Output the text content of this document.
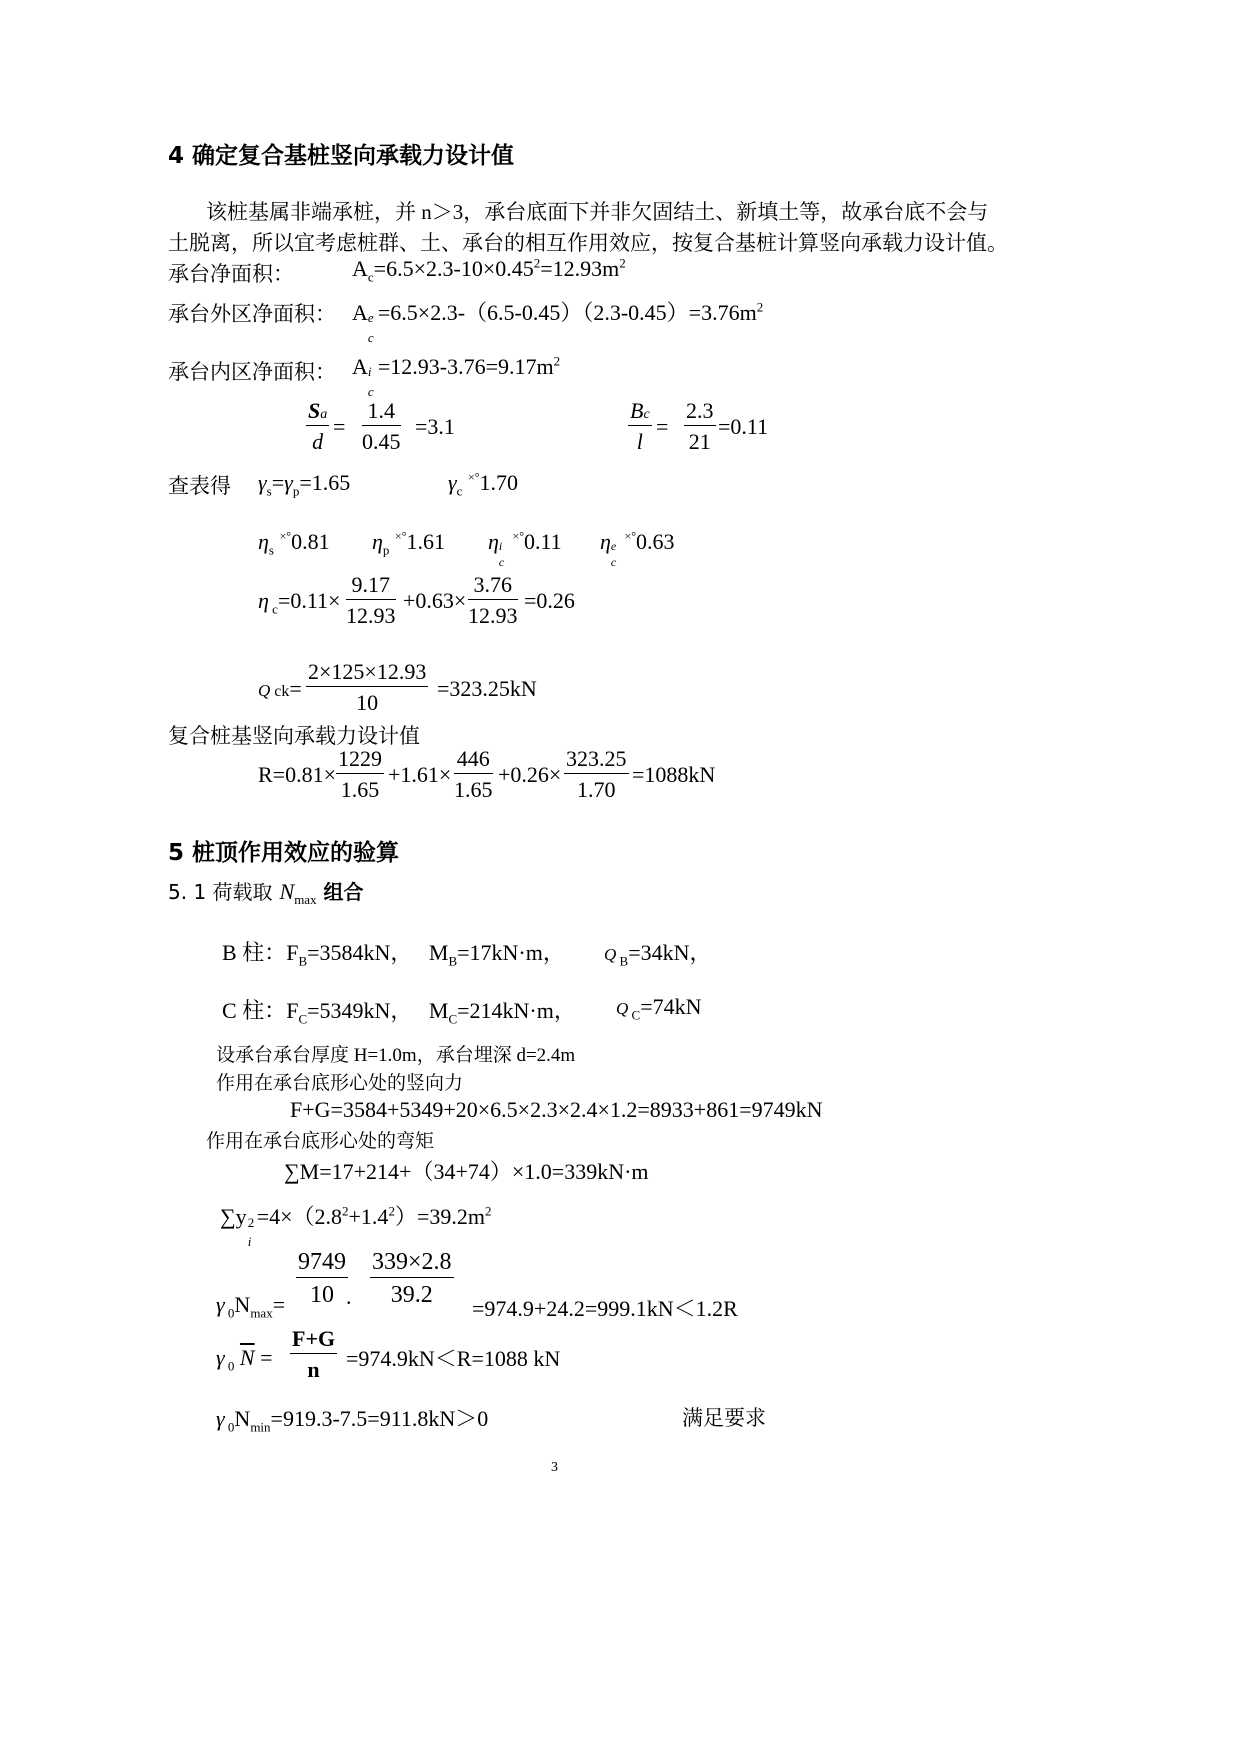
4 确定复合基桩竖向承载力设计值
该桩基属非端承桩，并 n＞3，承台底面下并非欠固结土、新填土等，故承台底不会与
土脱离，所以宜考虑桩群、土、承台的相互作用效应，按复合基桩计算竖向承载力设计值。
承台净面积：	$A_c=6.5\times 2.3-10\times 0.45^2=12.93m^2$
承台外区净面积： A e
c
$=6.5\times 2.3-(6.5-0.45)(2.3-0.45)=3.76m^2$
承台内区净面积： A i
c
$=12.93-3.76=9.17m^2$
$\frac{Sa}{d} = \frac{1.4}{0.45} =3.1$	$\frac{Bc}{l} = \frac{2.3}{21} =0.11$
查表得 $\gamma_s=\gamma_p=1.65$	$\gamma_c$ ×°1.70
$\eta_s$ ×°0.81 $\eta_p$ ×°1.61 η i
c
×°0.11 η e
c
×°0.63
η $_c=0.11\times \frac{9.17}{12.93} +0.63\times \frac{3.76}{12.93} =0.26$
Q $ck= \frac{2\times 125\times 12.93}{10} =323.25kN$
复合桩基竖向承载力设计值
$R=0.81\times \frac{1229}{1.65} +1.61\times \frac{446}{1.65} +0.26\times \frac{323.25}{1.70} =1088kN$
5 桩顶作用效应的验算
5. 1 荷载取 $N_{max}$ 组合
B 柱：$F_B=3584kN$，   $M_B=17kN\cdot m$， Q $_B$=34kN，
C 柱：$F_C=5349kN$，   $M_C=214kN\cdot m$， Q $_C$=74kN
设承台承台厚度 H=1.0m，承台埋深 d=2.4m
作用在承台底形心处的竖向力
F+G=3584+5349+20×6.5×2.3×2.4×1.2=8933+861=9749kN
作用在承台底形心处的弯矩
∑M=17+214+（34+74）×1.0=339kN·m
∑y 2
i
$=4\times(2.8^2+1.4^2)=39.2m^2$
γ $_0N_{max}= \frac{9749}{10}$
. $\frac{339\times 2.8}{39.2}$
=974.9+24.2=999.1kN＜1.2R
γ $_0$ $\overline{N} = \frac{F+G}{n} =974.9kN<R=1088$ kN
γ $_0N_{min}=919.3-7.5=911.8kN>0$	满足要求
3
